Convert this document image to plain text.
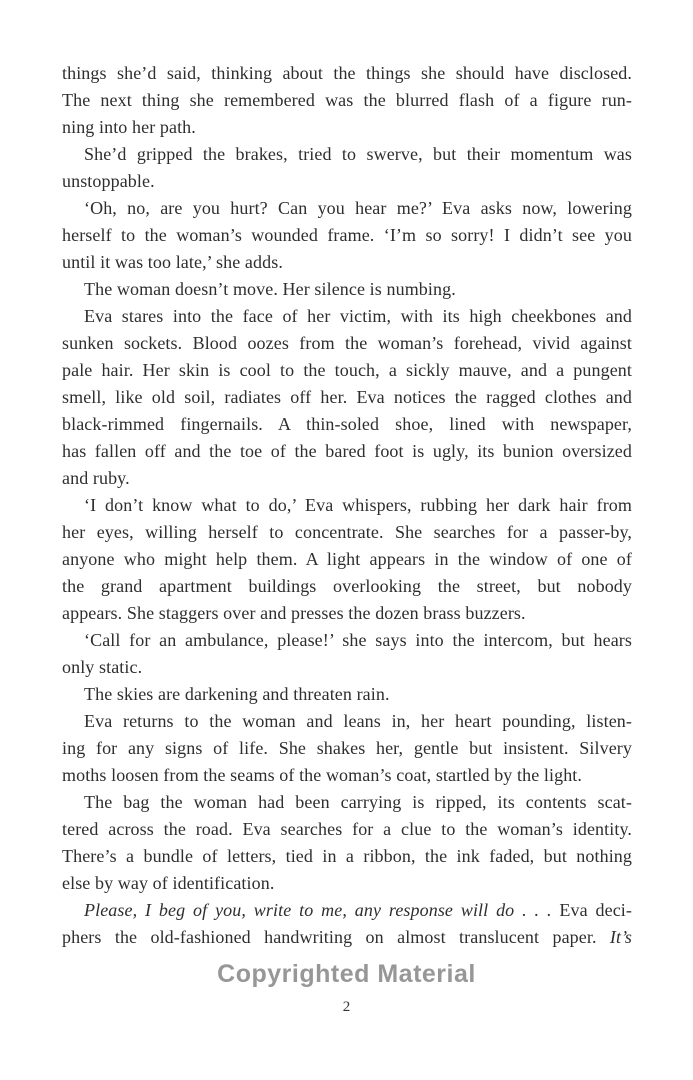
things she’d said, thinking about the things she should have disclosed.
The next thing she remembered was the blurred flash of a figure run-
ning into her path.
She’d gripped the brakes, tried to swerve, but their momentum was
unstoppable.
‘Oh, no, are you hurt? Can you hear me?’ Eva asks now, lowering
herself to the woman’s wounded frame. ‘I’m so sorry! I didn’t see you
until it was too late,’ she adds.
The woman doesn’t move. Her silence is numbing.
Eva stares into the face of her victim, with its high cheekbones and
sunken sockets. Blood oozes from the woman’s forehead, vivid against
pale hair. Her skin is cool to the touch, a sickly mauve, and a pungent
smell, like old soil, radiates off her. Eva notices the ragged clothes and
black-rimmed fingernails. A thin-soled shoe, lined with newspaper,
has fallen off and the toe of the bared foot is ugly, its bunion oversized
and ruby.
‘I don’t know what to do,’ Eva whispers, rubbing her dark hair from
her eyes, willing herself to concentrate. She searches for a passer-by,
anyone who might help them. A light appears in the window of one of
the grand apartment buildings overlooking the street, but nobody
appears. She staggers over and presses the dozen brass buzzers.
‘Call for an ambulance, please!’ she says into the intercom, but hears
only static.
The skies are darkening and threaten rain.
Eva returns to the woman and leans in, her heart pounding, listen-
ing for any signs of life. She shakes her, gentle but insistent. Silvery
moths loosen from the seams of the woman’s coat, startled by the light.
The bag the woman had been carrying is ripped, its contents scat-
tered across the road. Eva searches for a clue to the woman’s identity.
There’s a bundle of letters, tied in a ribbon, the ink faded, but nothing
else by way of identification.
Please, I beg of you, write to me, any response will do . . . Eva deci-
phers the old-fashioned handwriting on almost translucent paper. It’s
Copyrighted Material
2
